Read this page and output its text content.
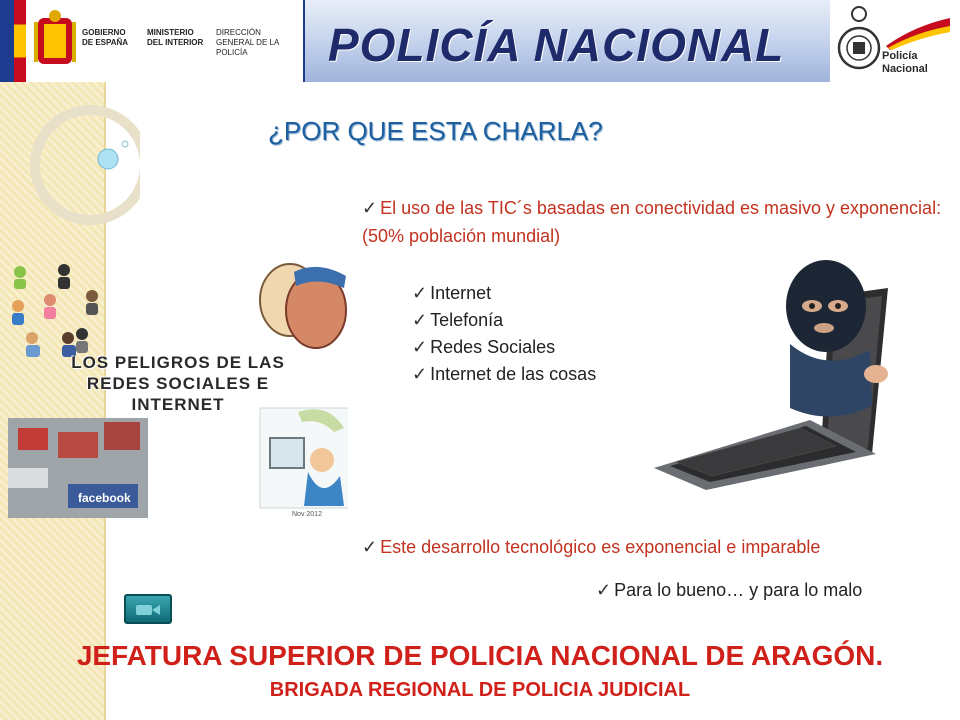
GOBIERNO DE ESPAÑA
MINISTERIO DEL INTERIOR
DIRECCIÓN GENERAL DE LA POLICÍA	POLICÍA NACIONAL	Policía
Nacional
¿POR QUE ESTA CHARLA?
✓ El uso de las TIC´s basadas en conectividad es masivo y exponencial: (50% población mundial)
✓ Internet
✓ Telefonía
✓ Redes Sociales
✓ Internet de las cosas
facebook
LOS PELIGROS DE LAS REDES SOCIALES E INTERNET
Nov 2012
✓ Este desarrollo tecnológico es exponencial e imparable
✓ Para lo bueno… y para lo malo
JEFATURA SUPERIOR DE POLICIA NACIONAL DE ARAGÓN.
BRIGADA REGIONAL DE POLICIA JUDICIAL
